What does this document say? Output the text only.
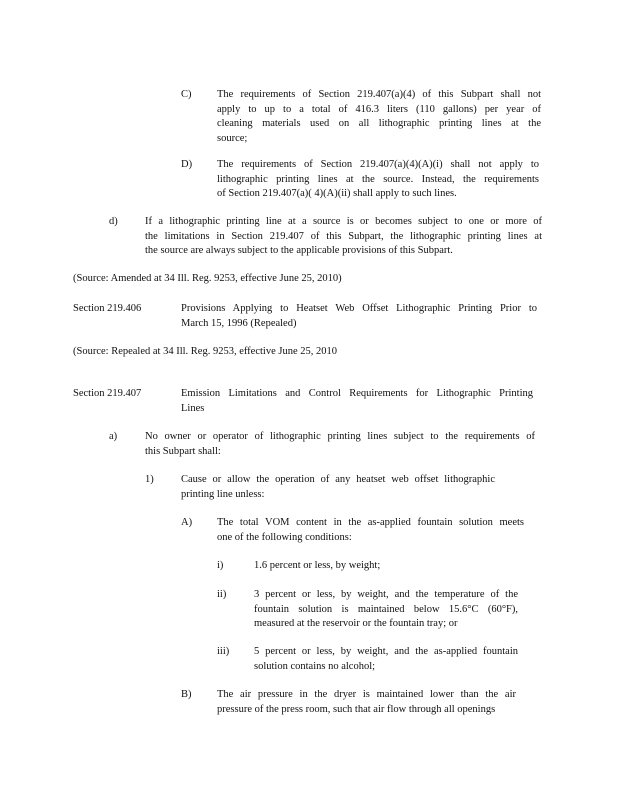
C) The requirements of Section 219.407(a)(4) of this Subpart shall not
apply to up to a total of 416.3 liters (110 gallons) per year of
cleaning materials used on all lithographic printing lines at the
source;
D) The requirements of Section 219.407(a)(4)(A)(i) shall not apply to
lithographic printing lines at the source. Instead, the requirements
of Section 219.407(a)( 4)(A)(ii) shall apply to such lines.
d)	If a lithographic printing line at a source is or becomes subject to one or more of
the limitations in Section 219.407 of this Subpart, the lithographic printing lines at
the source are always subject to the applicable provisions of this Subpart.
(Source: Amended at 34 Ill. Reg. 9253, effective June 25, 2010)
Section 219.406	Provisions Applying to Heatset Web Offset Lithographic Printing Prior to
March 15, 1996 (Repealed)
(Source: Repealed at 34 Ill. Reg. 9253, effective June 25, 2010
Section 219.407	Emission Limitations and Control Requirements for Lithographic Printing
Lines
a)	No owner or operator of lithographic printing lines subject to the requirements of
this Subpart shall:
1)	Cause or allow the operation of any heatset web offset lithographic
printing line unless:
A) The total VOM content in the as-applied fountain solution meets
one of the following conditions:
i)	1.6 percent or less, by weight;
ii)	3 percent or less, by weight, and the temperature of the
fountain solution is maintained below 15.6°C (60°F),
measured at the reservoir or the fountain tray; or
iii) 5 percent or less, by weight, and the as-applied fountain
solution contains no alcohol;
B) The air pressure in the dryer is maintained lower than the air
pressure of the press room, such that air flow through all openings
